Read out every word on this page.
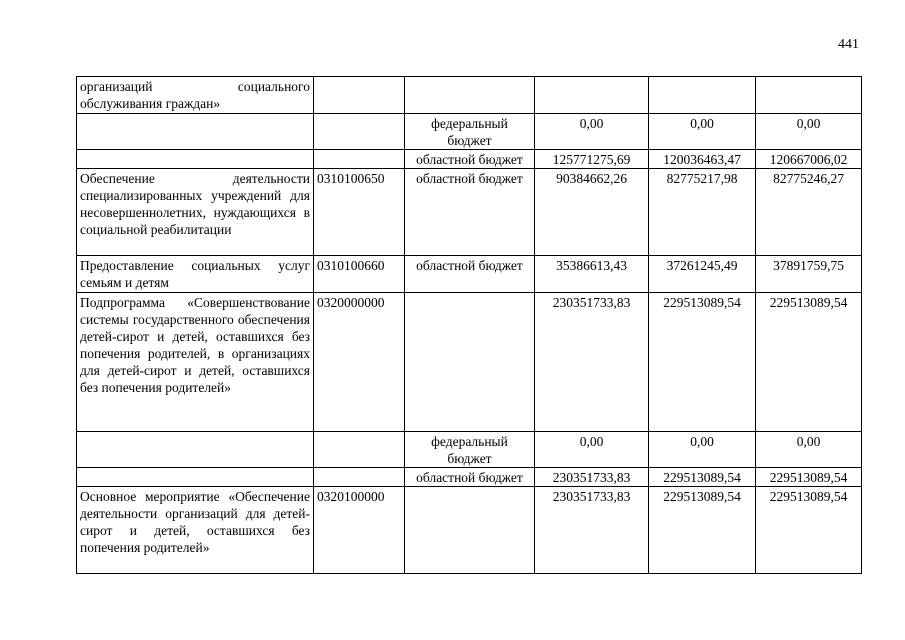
441
организаций социального обслуживания граждан»					
		федеральный бюджет	0,00	0,00	0,00
		областной бюджет	125771275,69	120036463,47	120667006,02
Обеспечение деятельности специализированных учреждений для несовершеннолетних, нуждающихся в социальной реабилитации	0310100650	областной бюджет	90384662,26	82775217,98	82775246,27
Предоставление социальных услуг семьям и детям	0310100660	областной бюджет	35386613,43	37261245,49	37891759,75
Подпрограмма «Совершенствование системы государственного обеспечения детей-сирот и детей, оставшихся без попечения родителей, в организациях для детей-сирот и детей, оставшихся без попечения родителей»	0320000000		230351733,83	229513089,54	229513089,54
		федеральный бюджет	0,00	0,00	0,00
		областной бюджет	230351733,83	229513089,54	229513089,54
Основное мероприятие «Обеспечение деятельности организаций для детей-сирот и детей, оставшихся без попечения родителей»	0320100000		230351733,83	229513089,54	229513089,54
